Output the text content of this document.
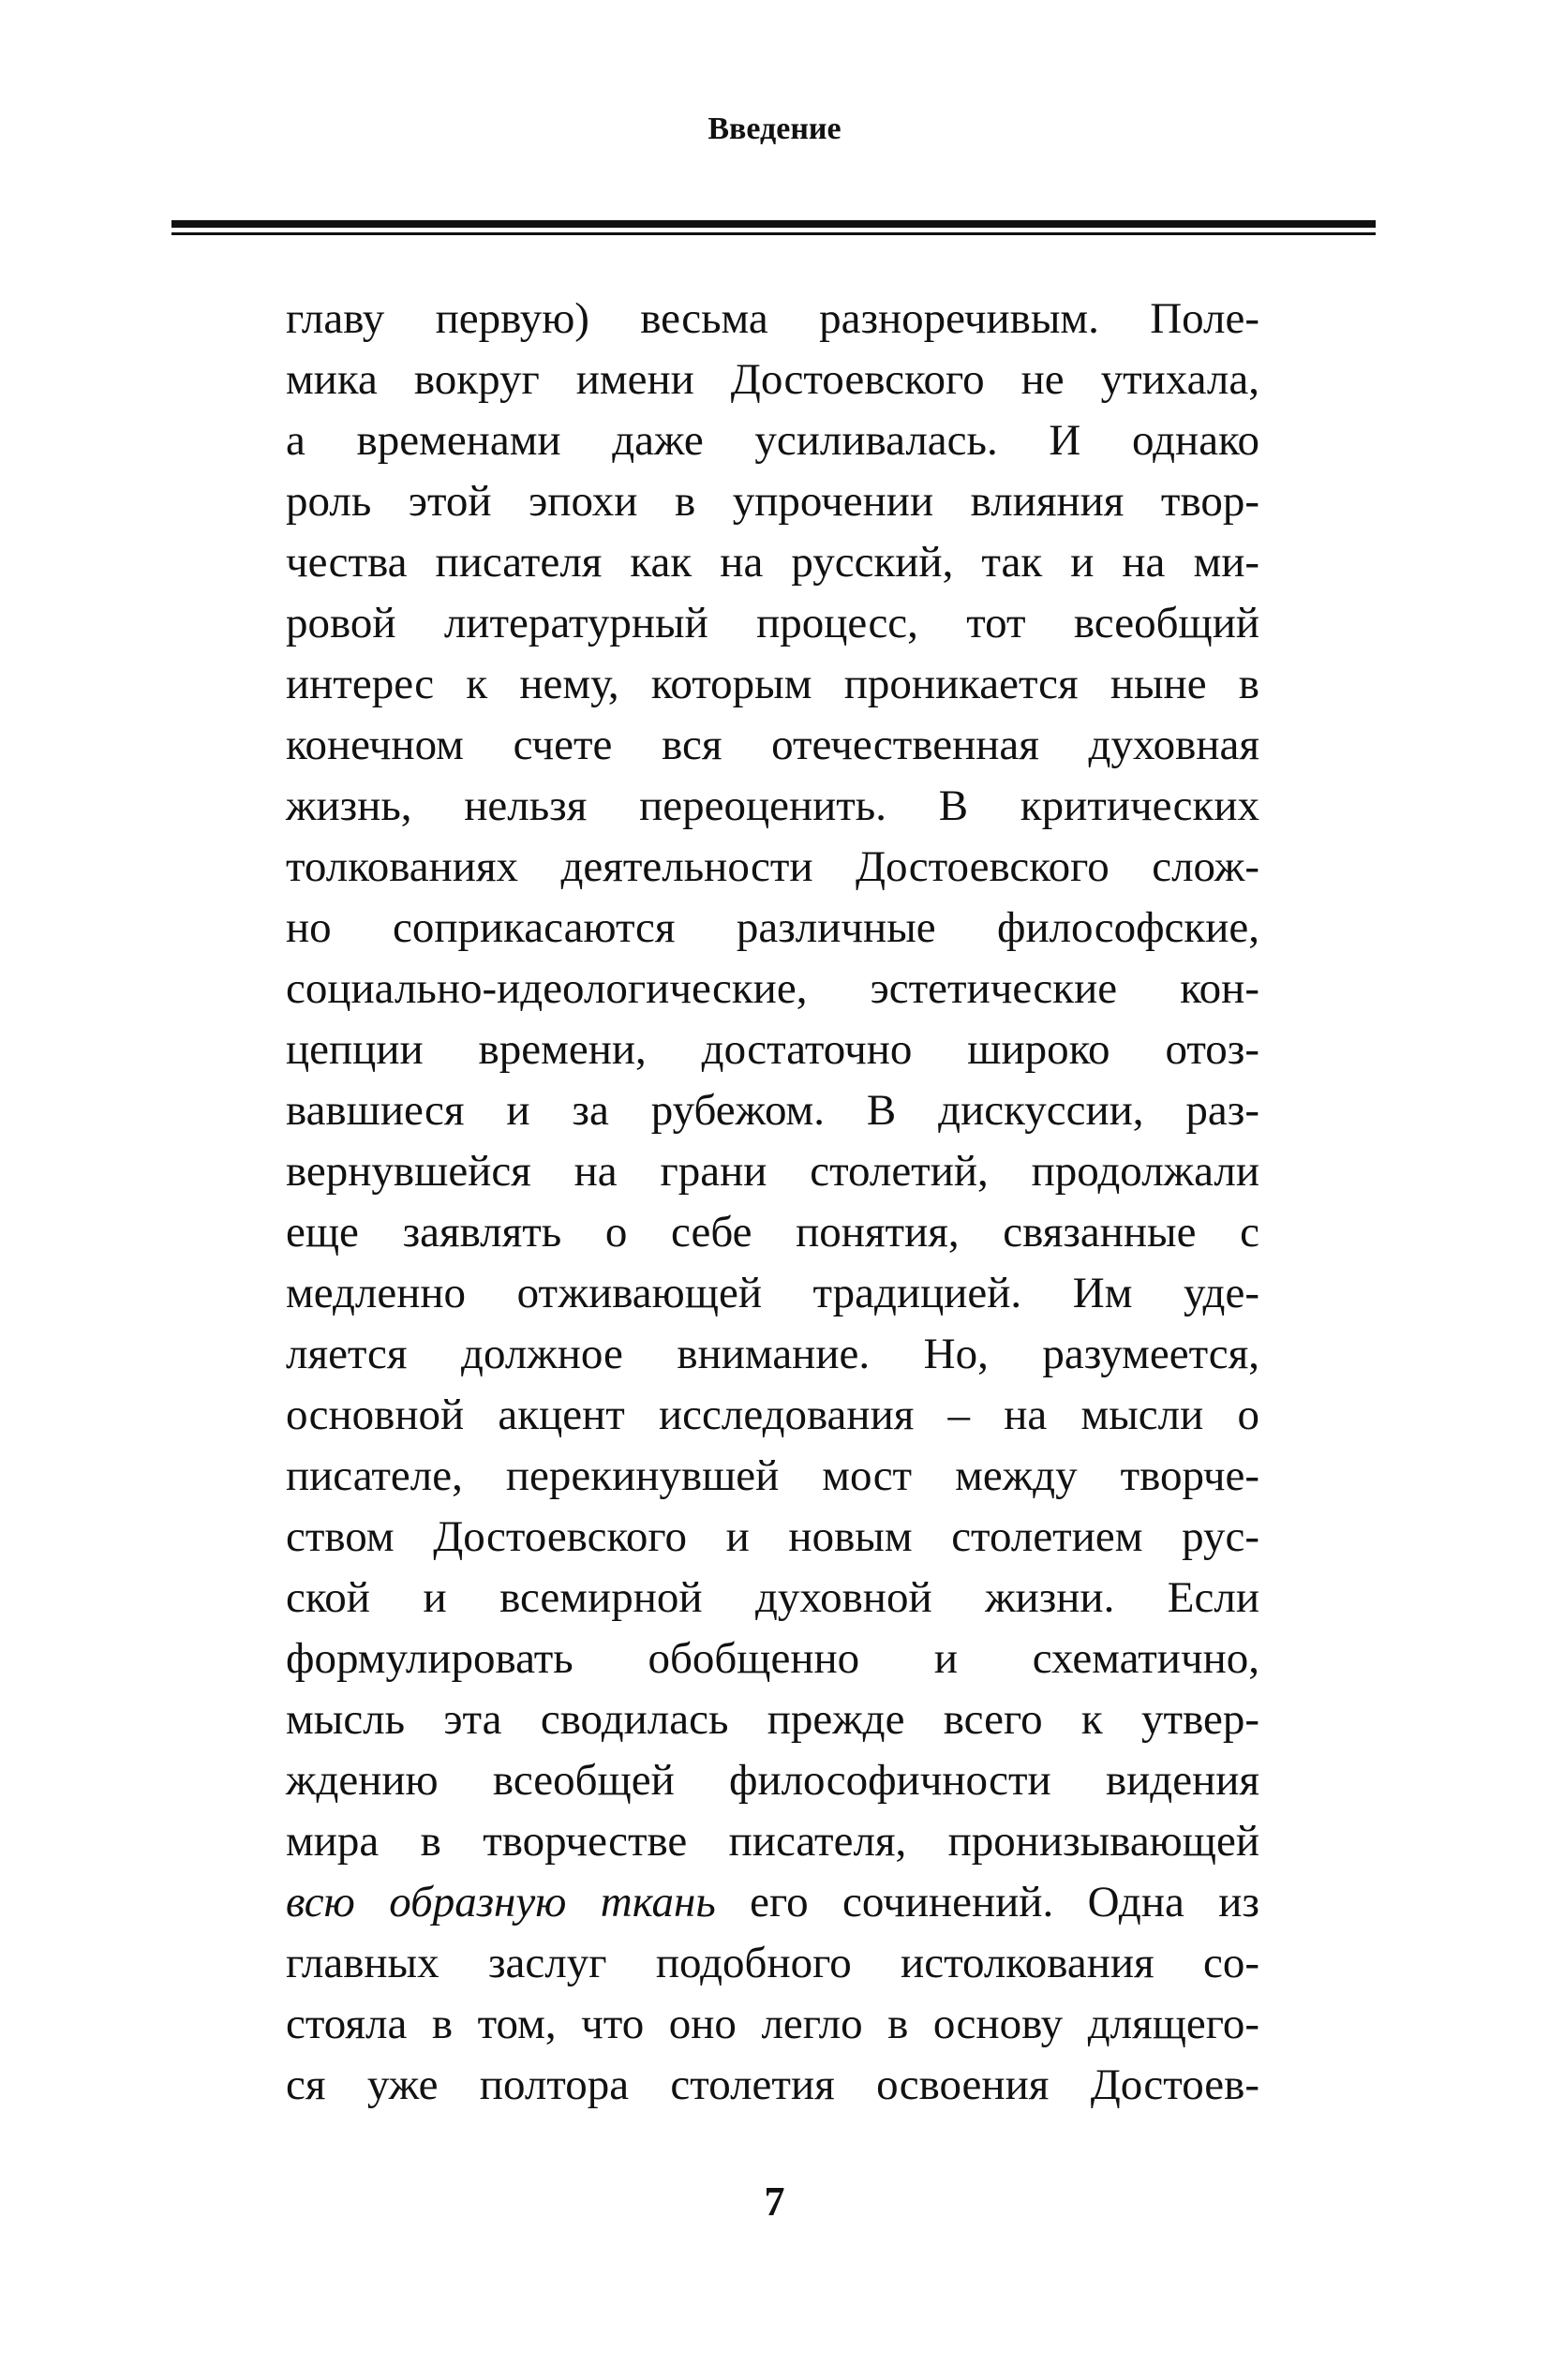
Введение
главу первую) весьма разноречивым. Поле-
мика вокруг имени Достоевского не утихала,
а временами даже усиливалась. И однако
роль этой эпохи в упрочении влияния твор-
чества писателя как на русский, так и на ми-
ровой литературный процесс, тот всеобщий
интерес к нему, которым проникается ныне в
конечном счете вся отечественная духовная
жизнь, нельзя переоценить. В критических
толкованиях деятельности Достоевского слож-
но соприкасаются различные философские,
социально-идеологические, эстетические кон-
цепции времени, достаточно широко отоз-
вавшиеся и за рубежом. В дискуссии, раз-
вернувшейся на грани столетий, продолжали
еще заявлять о себе понятия, связанные с
медленно отживающей традицией. Им уде-
ляется должное внимание. Но, разумеется,
основной акцент исследования – на мысли о
писателе, перекинувшей мост между творче-
ством Достоевского и новым столетием рус-
ской и всемирной духовной жизни. Если
формулировать обобщенно и схематично,
мысль эта сводилась прежде всего к утвер-
ждению всеобщей философичности видения
мира в творчестве писателя, пронизывающей
всю образную ткань его сочинений. Одна из
главных заслуг подобного истолкования со-
стояла в том, что оно легло в основу длящего-
ся уже полтора столетия освоения Достоев-
7
